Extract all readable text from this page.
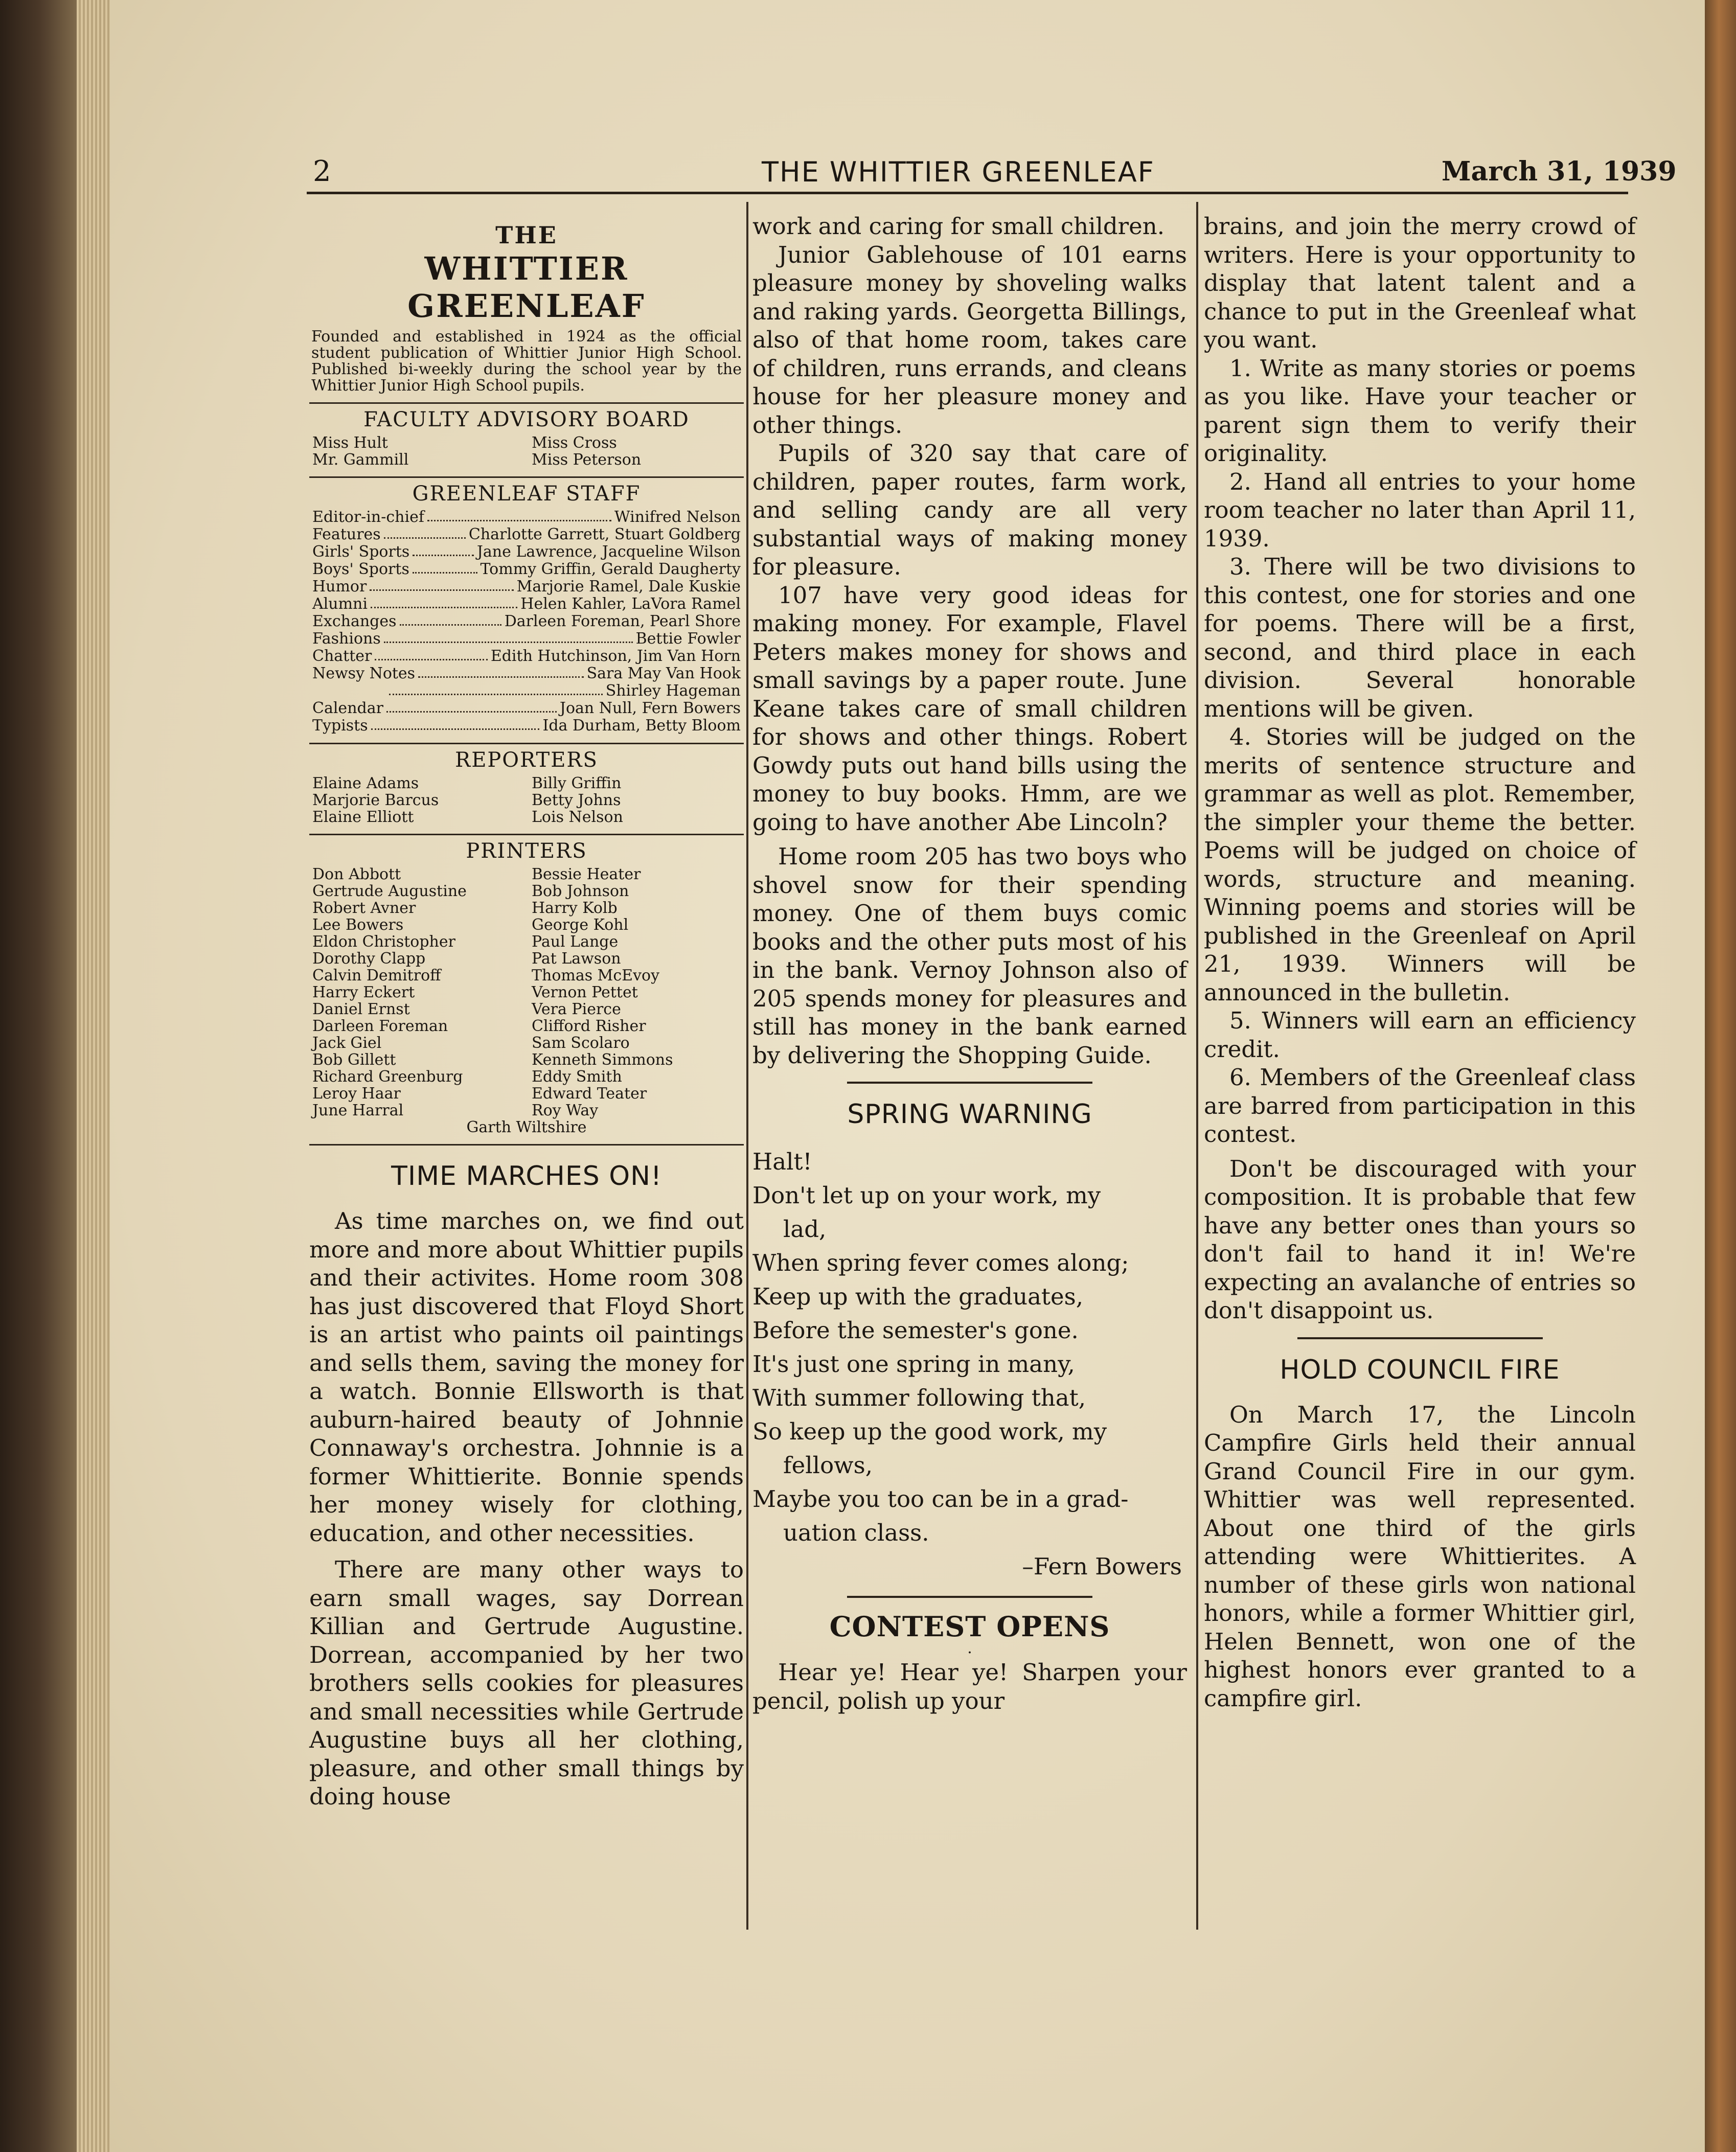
2	THE WHITTIER GREENLEAF	March 31, 1939
THE
WHITTIER GREENLEAF

Founded and established in 1924 as the official student publication of Whittier Junior High School. Published bi-weekly during the school year by the Whittier Junior High School pupils.

FACULTY ADVISORY BOARD
Miss Hult	Miss Cross
Mr. Gammill	Miss Peterson
GREENLEAF STAFF
Editor-in-chief	Winifred Nelson
Features	Charlotte Garrett, Stuart Goldberg
Girls' Sports	Jane Lawrence, Jacqueline Wilson
Boys' Sports	Tommy Griffin, Gerald Daugherty
Humor	Marjorie Ramel, Dale Kuskie
Alumni	Helen Kahler, LaVora Ramel
Exchanges	Darleen Foreman, Pearl Shore
Fashions	Bettie Fowler
Chatter	Edith Hutchinson, Jim Van Horn
Newsy Notes	Sara May Van Hook
Shirley Hageman
Calendar	Joan Null, Fern Bowers
Typists	Ida Durham, Betty Bloom
REPORTERS
Elaine Adams	Billy Griffin
Marjorie Barcus	Betty Johns
Elaine Elliott	Lois Nelson
PRINTERS
Don Abbott	Bessie Heater
Gertrude Augustine	Bob Johnson
Robert Avner	Harry Kolb
Lee Bowers	George Kohl
Eldon Christopher	Paul Lange
Dorothy Clapp	Pat Lawson
Calvin Demitroff	Thomas McEvoy
Harry Eckert	Vernon Pettet
Daniel Ernst	Vera Pierce
Darleen Foreman	Clifford Risher
Jack Giel	Sam Scolaro
Bob Gillett	Kenneth Simmons
Richard Greenburg	Eddy Smith
Leroy Haar	Edward Teater
June Harral	Roy Way
Garth Wiltshire
TIME MARCHES ON!

As time marches on, we find out more and more about Whittier pupils and their activites. Home room 308 has just discovered that Floyd Short is an artist who paints oil paintings and sells them, saving the money for a watch. Bonnie Ellsworth is that auburn-haired beauty of Johnnie Connaway's orchestra. Johnnie is a former Whittierite. Bonnie spends her money wisely for clothing, education, and other necessities.

There are many other ways to earn small wages, say Dorrean Killian and Gertrude Augustine. Dorrean, accompanied by her two brothers sells cookies for pleasures and small necessities while Gertrude Augustine buys all her clothing, pleasure, and other small things by doing house

work and caring for small children.

Junior Gablehouse of 101 earns pleasure money by shoveling walks and raking yards. Georgetta Billings, also of that home room, takes care of children, runs errands, and cleans house for her pleasure money and other things.

Pupils of 320 say that care of children, paper routes, farm work, and selling candy are all very substantial ways of making money for pleasure.

107 have very good ideas for making money. For example, Flavel Peters makes money for shows and small savings by a paper route. June Keane takes care of small children for shows and other things. Robert Gowdy puts out hand bills using the money to buy books. Hmm, are we going to have another Abe Lincoln?

Home room 205 has two boys who shovel snow for their spending money. One of them buys comic books and the other puts most of his in the bank. Vernoy Johnson also of 205 spends money for pleasures and still has money in the bank earned by delivering the Shopping Guide.

SPRING WARNING
Halt!
Don't let up on your work, my
lad,
When spring fever comes along;
Keep up with the graduates,
Before the semester's gone.
It's just one spring in many,
With summer following that,
So keep up the good work, my
fellows,
Maybe you too can be in a grad-
uation class.
–Fern Bowers
CONTEST OPENS
·

Hear ye! Hear ye! Sharpen your pencil, polish up your

brains, and join the merry crowd of writers. Here is your opportunity to display that latent talent and a chance to put in the Greenleaf what you want.

1. Write as many stories or poems as you like. Have your teacher or parent sign them to verify their originality.

2. Hand all entries to your home room teacher no later than April 11, 1939.

3. There will be two divisions to this contest, one for stories and one for poems. There will be a first, second, and third place in each division. Several honorable mentions will be given.

4. Stories will be judged on the merits of sentence structure and grammar as well as plot. Remember, the simpler your theme the better. Poems will be judged on choice of words, structure and meaning. Winning poems and stories will be published in the Greenleaf on April 21, 1939. Winners will be announced in the bulletin.

5. Winners will earn an efficiency credit.

6. Members of the Greenleaf class are barred from participation in this contest.

Don't be discouraged with your composition. It is probable that few have any better ones than yours so don't fail to hand it in! We're expecting an avalanche of entries so don't disappoint us.

HOLD COUNCIL FIRE

On March 17, the Lincoln Campfire Girls held their annual Grand Council Fire in our gym. Whittier was well represented. About one third of the girls attending were Whittierites. A number of these girls won national honors, while a former Whittier girl, Helen Bennett, won one of the highest honors ever granted to a campfire girl.
